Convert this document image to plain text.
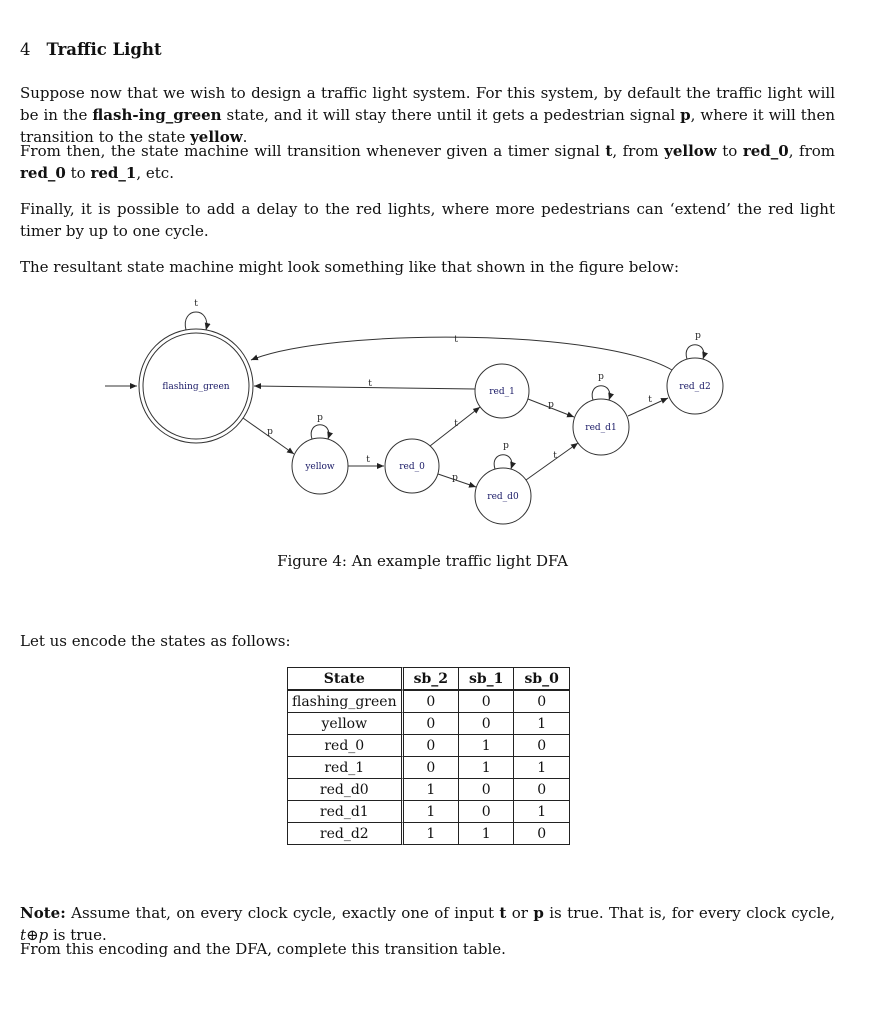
4 Traffic Light
Suppose now that we wish to design a traffic light system. For this system, by default the traffic light will be in the flash-ing_green state, and it will stay there until it gets a pedestrian signal p, where it will then transition to the state yellow.
From then, the state machine will transition whenever given a timer signal t, from yellow to red_0, from red_0 to red_1, etc.
Finally, it is possible to add a delay to the red lights, where more pedestrians can ‘extend’ the red light timer by up to one cycle.
The resultant state machine might look something like that shown in the figure below:
flashing_green
yellow	red_0
red_1
red_d0
red_d1
red_d2
t
p
p
t
t
p
t
t
p
p
t
p
t
p
Figure 4: An example traffic light DFA
Let us encode the states as follows:
State	sb_2	sb_1	sb_0
flashing_green	0	0	0
yellow	0	0	1
red_0	0	1	0
red_1	0	1	1
red_d0	1	0	0
red_d1	1	0	1
red_d2	1	1	0
Note: Assume that, on every clock cycle, exactly one of input t or p is true. That is, for every clock cycle, t⊕p is true.
From this encoding and the DFA, complete this transition table.
